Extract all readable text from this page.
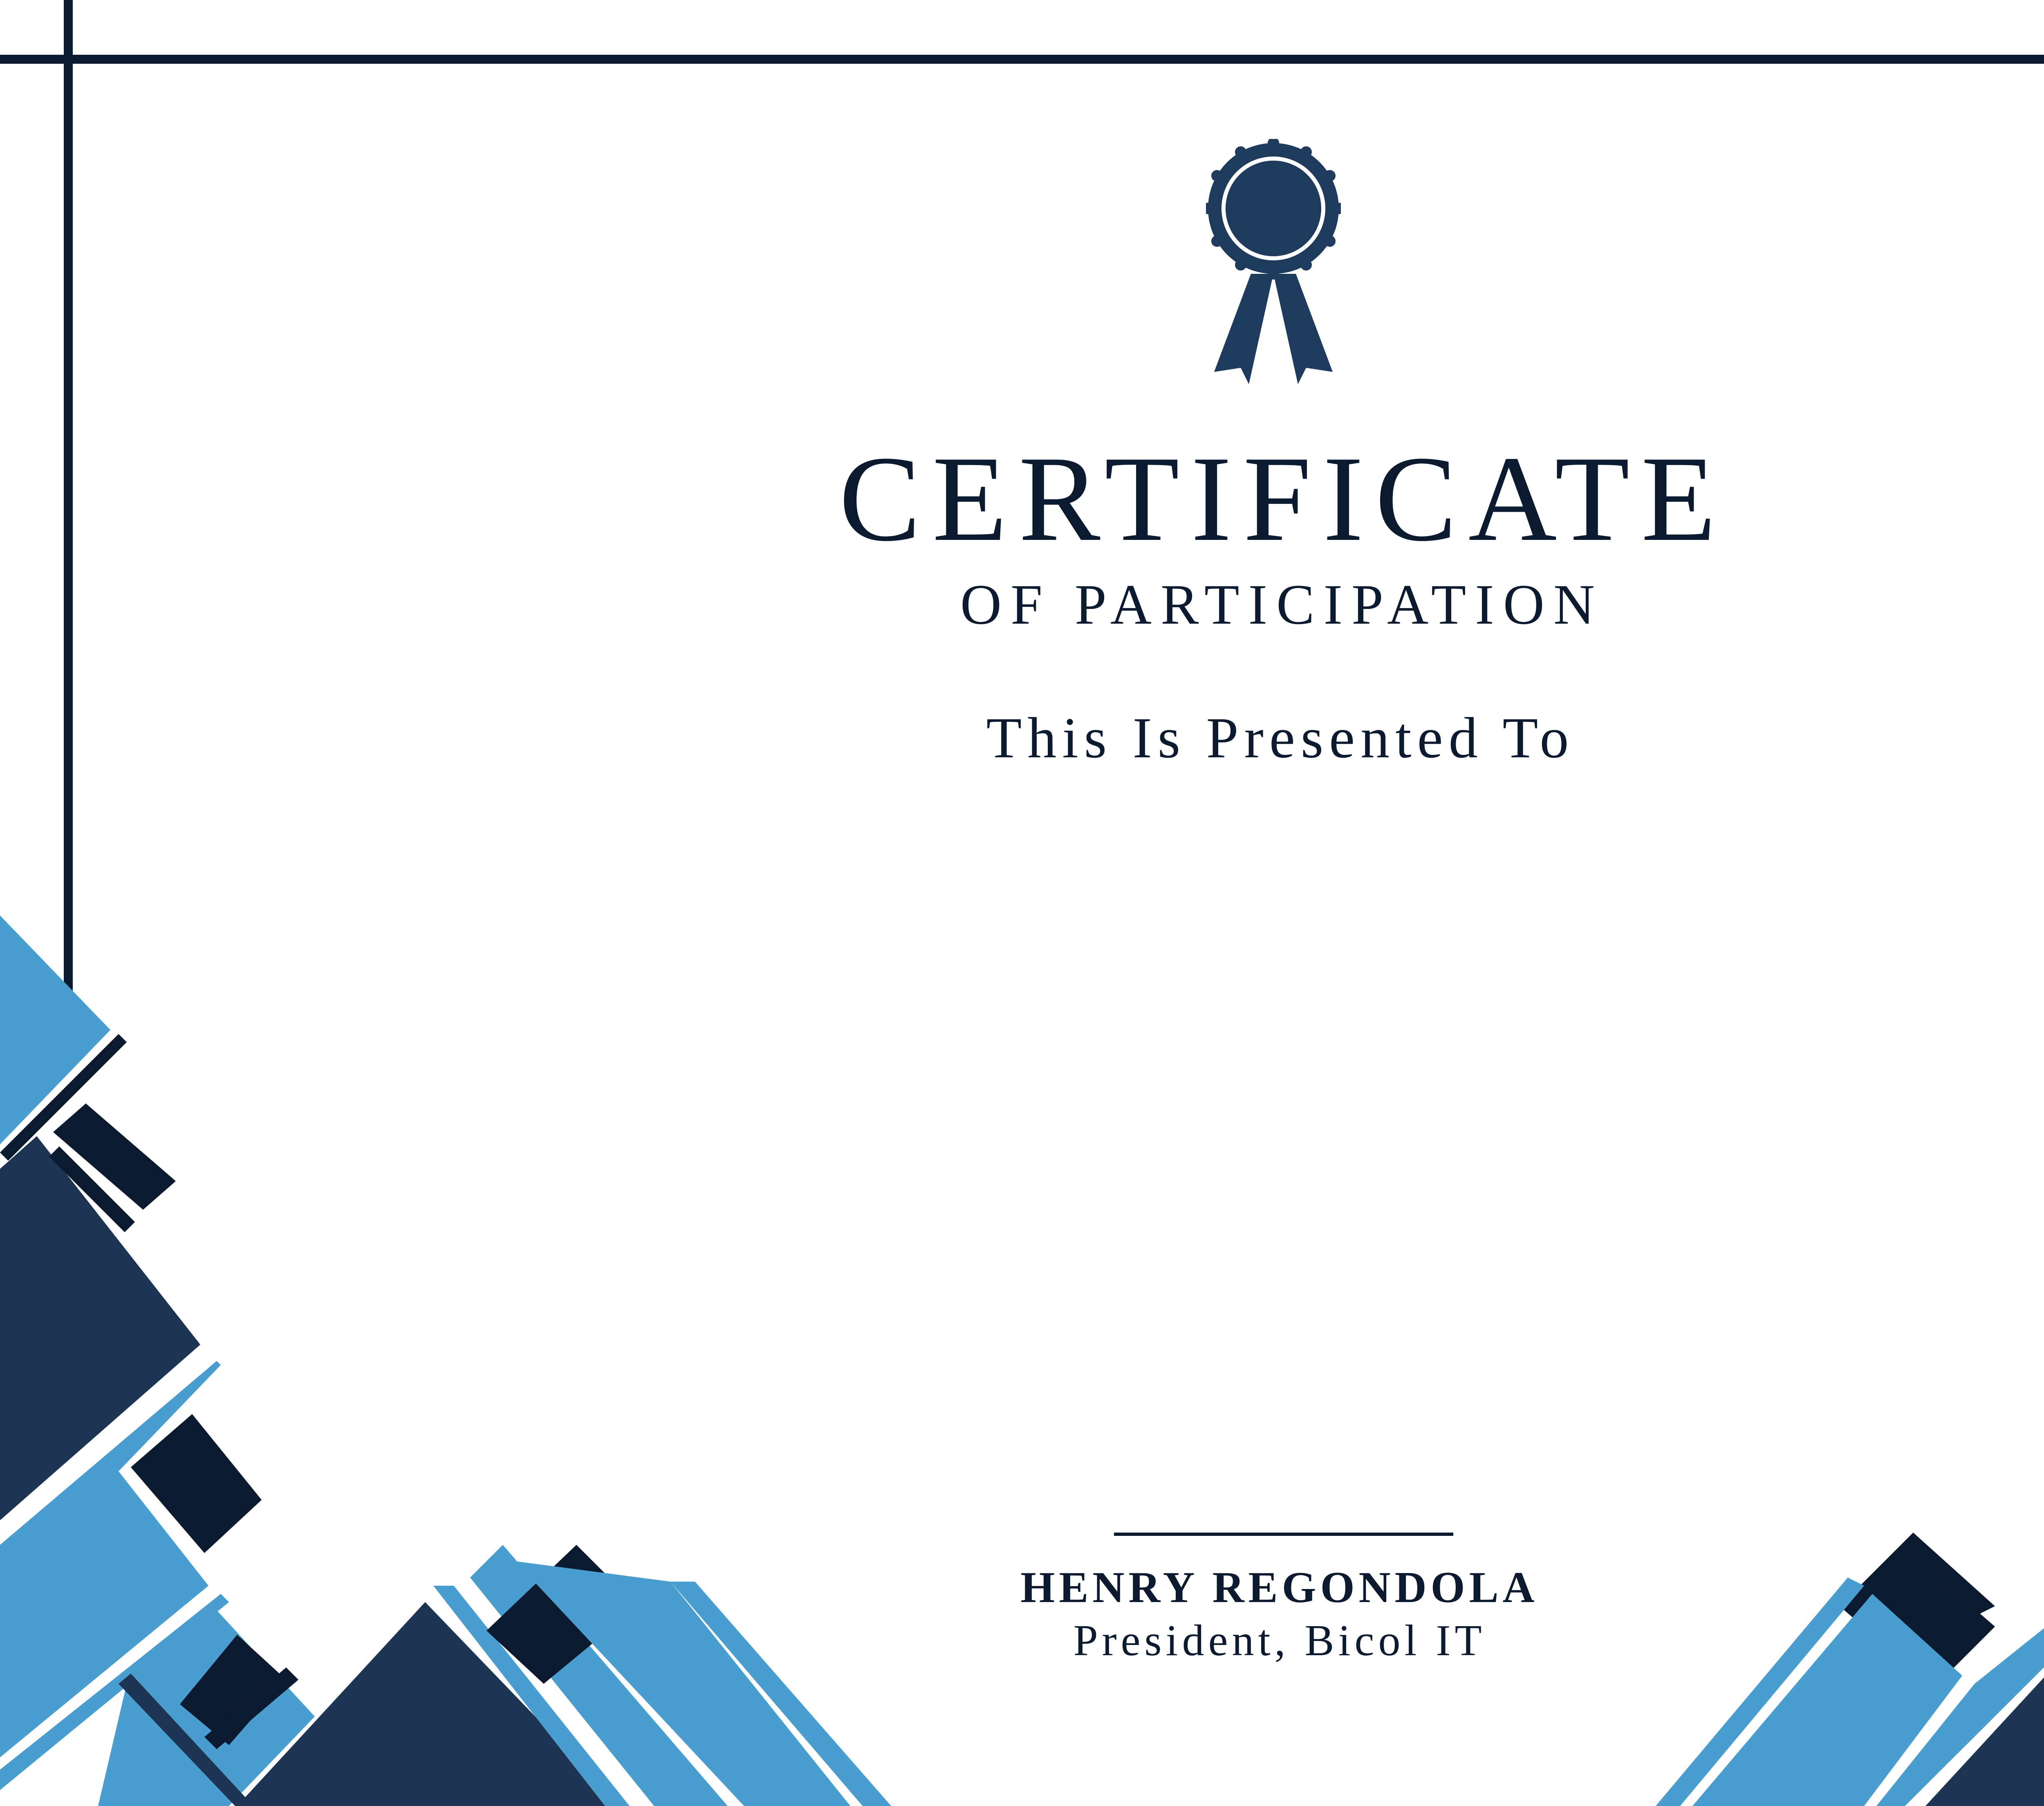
CERTIFICATE
OF PARTICIPATION
This Is Presented To
HENRY REGONDOLA
President, Bicol IT
